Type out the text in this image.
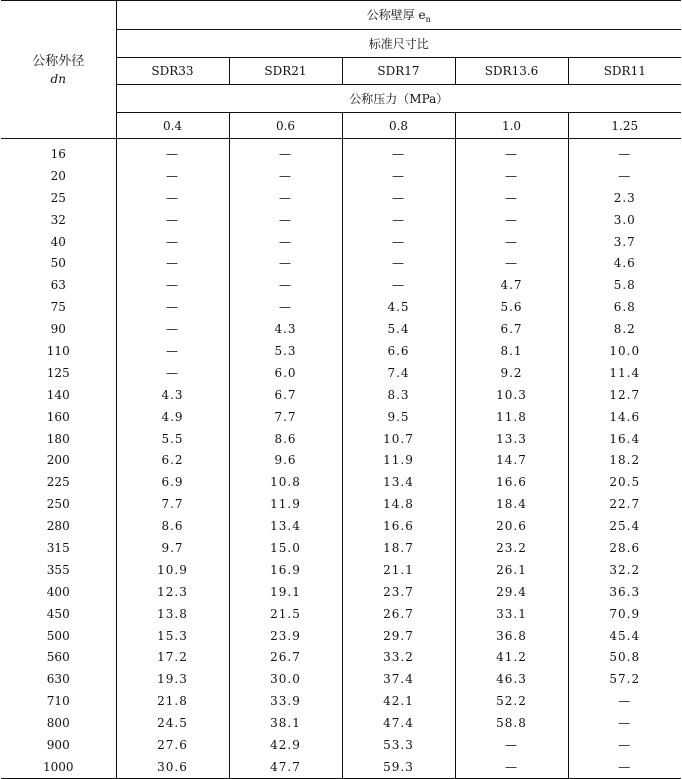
公称外径
dn	公称壁厚 $e_n$
	标准尺寸比				
	SDR33	SDR21	SDR17	SDR13.6	SDR11
	公称压力（MPa）				
	0.4	0.6	0.8	1.0	1.25
16	—	—	—	—	—
20	—	—	—	—	—
25	—	—	—	—	2.3
32	—	—	—	—	3.0
40	—	—	—	—	3.7
50	—	—	—	—	4.6
63	—	—	—	4.7	5.8
75	—	—	4.5	5.6	6.8
90	—	4.3	5.4	6.7	8.2
110	—	5.3	6.6	8.1	10.0
125	—	6.0	7.4	9.2	11.4
140	4.3	6.7	8.3	10.3	12.7
160	4.9	7.7	9.5	11.8	14.6
180	5.5	8.6	10.7	13.3	16.4
200	6.2	9.6	11.9	14.7	18.2
225	6.9	10.8	13.4	16.6	20.5
250	7.7	11.9	14.8	18.4	22.7
280	8.6	13.4	16.6	20.6	25.4
315	9.7	15.0	18.7	23.2	28.6
355	10.9	16.9	21.1	26.1	32.2
400	12.3	19.1	23.7	29.4	36.3
450	13.8	21.5	26.7	33.1	70.9
500	15.3	23.9	29.7	36.8	45.4
560	17.2	26.7	33.2	41.2	50.8
630	19.3	30.0	37.4	46.3	57.2
710	21.8	33.9	42.1	52.2	—
800	24.5	38.1	47.4	58.8	—
900	27.6	42.9	53.3	—	—
1000	30.6	47.7	59.3	—	—
